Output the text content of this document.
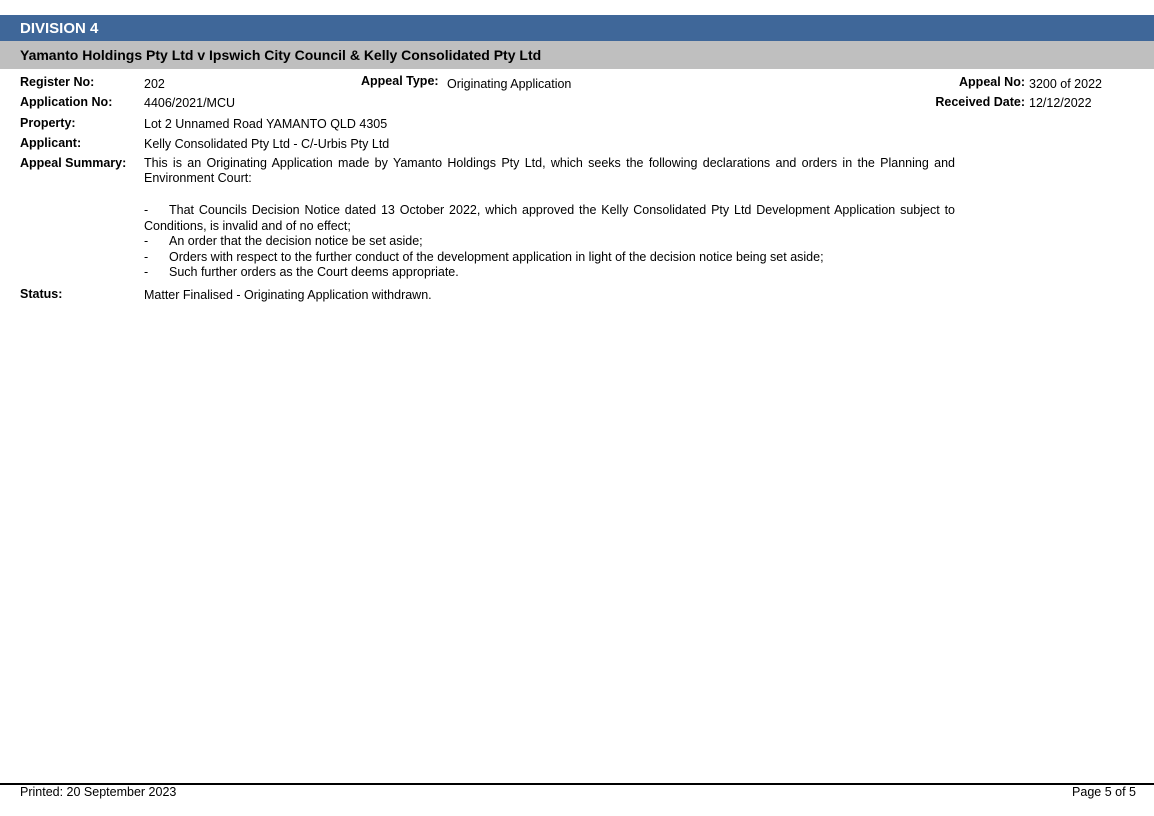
DIVISION 4
Yamanto Holdings Pty Ltd v Ipswich City Council & Kelly Consolidated Pty Ltd
Register No:	202	Appeal Type: Originating Application	Appeal No: 3200 of 2022
Application No:	4406/2021/MCU	Received Date: 12/12/2022
Property:	Lot 2 Unnamed Road YAMANTO QLD 4305
Applicant:	Kelly Consolidated Pty Ltd - C/-Urbis Pty Ltd
Appeal Summary: This is an Originating Application made by Yamanto Holdings Pty Ltd, which seeks the following declarations and orders in the Planning and Environment Court:
- That Councils Decision Notice dated 13 October 2022, which approved the Kelly Consolidated Pty Ltd Development Application subject to Conditions, is invalid and of no effect;
- An order that the decision notice be set aside;
- Orders with respect to the further conduct of the development application in light of the decision notice being set aside;
- Such further orders as the Court deems appropriate.
Status:	Matter Finalised - Originating Application withdrawn.
Printed: 20 September 2023	Page 5 of 5
